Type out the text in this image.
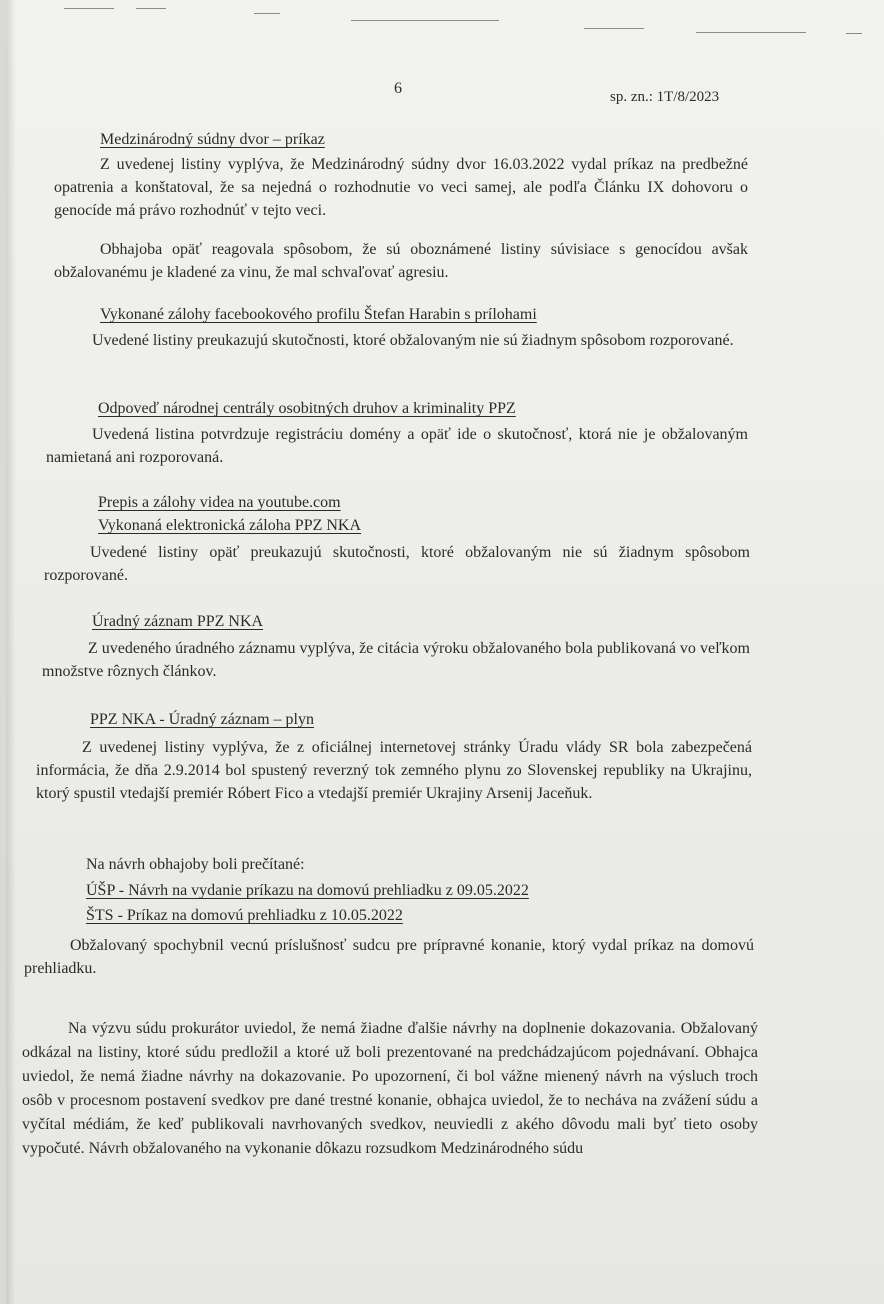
6	sp. zn.: 1T/8/2023
Medzinárodný súdny dvor – príkaz
Z uvedenej listiny vyplýva, že Medzinárodný súdny dvor 16.03.2022 vydal príkaz na predbežné opatrenia a konštatoval, že sa nejedná o rozhodnutie vo veci samej, ale podľa Článku IX dohovoru o genocíde má právo rozhodnúť v tejto veci.
Obhajoba opäť reagovala spôsobom, že sú oboznámené listiny súvisiace s genocídou avšak obžalovanému je kladené za vinu, že mal schvaľovať agresiu.
Vykonané zálohy facebookového profilu Štefan Harabin s prílohami
Uvedené listiny preukazujú skutočnosti, ktoré obžalovaným nie sú žiadnym spôsobom rozporované.
Odpoveď národnej centrály osobitných druhov a kriminality PPZ
Uvedená listina potvrdzuje registráciu domény a opäť ide o skutočnosť, ktorá nie je obžalovaným namietaná ani rozporovaná.
Prepis a zálohy videa na youtube.com
Vykonaná elektronická záloha PPZ NKA
Uvedené listiny opäť preukazujú skutočnosti, ktoré obžalovaným nie sú žiadnym spôsobom rozporované.
Úradný záznam PPZ NKA
Z uvedeného úradného záznamu vyplýva, že citácia výroku obžalovaného bola publikovaná vo veľkom množstve rôznych článkov.
PPZ NKA - Úradný záznam – plyn
Z uvedenej listiny vyplýva, že z oficiálnej internetovej stránky Úradu vlády SR bola zabezpečená informácia, že dňa 2.9.2014 bol spustený reverzný tok zemného plynu zo Slovenskej republiky na Ukrajinu, ktorý spustil vtedajší premiér Róbert Fico a vtedajší premiér Ukrajiny Arsenij Jaceňuk.
Na návrh obhajoby boli prečítané:
ÚŠP - Návrh na vydanie príkazu na domovú prehliadku z 09.05.2022
ŠTS - Príkaz na domovú prehliadku z 10.05.2022
Obžalovaný spochybnil vecnú príslušnosť sudcu pre prípravné konanie, ktorý vydal príkaz na domovú prehliadku.
Na výzvu súdu prokurátor uviedol, že nemá žiadne ďalšie návrhy na doplnenie dokazovania. Obžalovaný odkázal na listiny, ktoré súdu predložil a ktoré už boli prezentované na predchádzajúcom pojednávaní. Obhajca uviedol, že nemá žiadne návrhy na dokazovanie. Po upozornení, či bol vážne mienený návrh na výsluch troch osôb v procesnom postavení svedkov pre dané trestné konanie, obhajca uviedol, že to necháva na zvážení súdu a vyčítal médiám, že keď publikovali navrhovaných svedkov, neuviedli z akého dôvodu mali byť tieto osoby vypočuté. Návrh obžalovaného na vykonanie dôkazu rozsudkom Medzinárodného súdu
